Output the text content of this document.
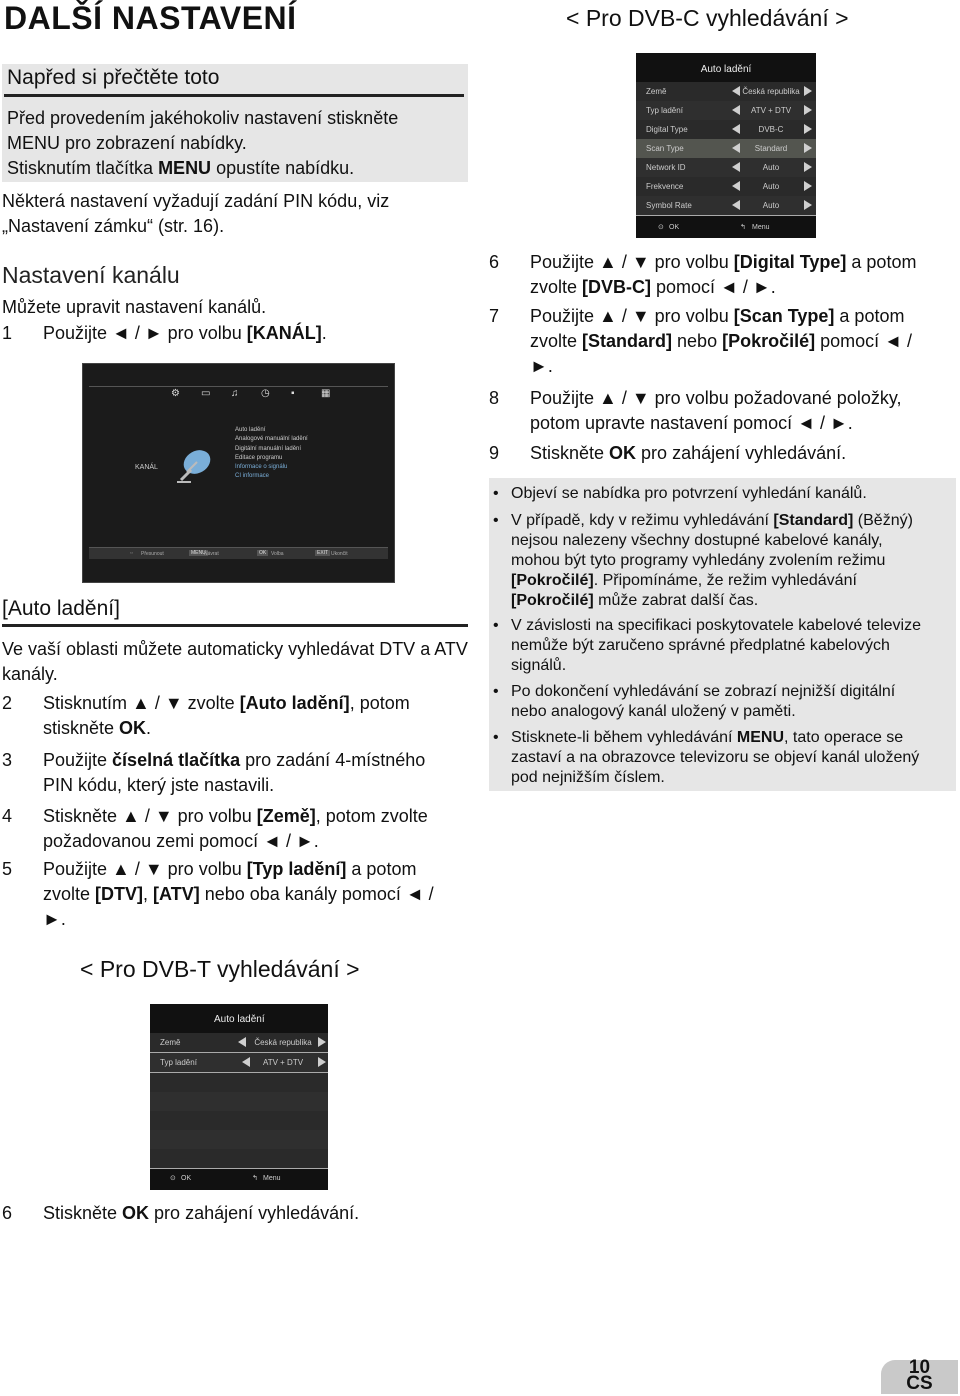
DALŠÍ NASTAVENÍ	< Pro DVB-C vyhledávání >
Napřed si přečtěte toto
Před provedením jakéhokoliv nastavení stiskněte
MENU pro zobrazení nabídky.
Stisknutím tlačítka MENU opustíte nabídku.
Některá nastavení vyžadují zadání PIN kódu, viz
„Nastavení zámku“ (str. 16).
Nastavení kanálu
Můžete upravit nastavení kanálů.
1 Použijte ◄ / ► pro volbu [KANÁL].
⚙ ▭ ♫ ◷ ▪	▦
KANÁL
Auto ladění
Analogové manuální ladění
Digitální manuální ladění
Editace programu
Informace o signálu
CI informace
⇔ Přesunout	MENU
Návrat	OK Volba	EXIT Ukončit
[Auto ladění]
Ve vaší oblasti můžete automaticky vyhledávat DTV a ATV kanály.
2 Stisknutím ▲ / ▼ zvolte [Auto ladění], potom
stiskněte OK.
3 Použijte číselná tlačítka pro zadání 4-místného
PIN kódu, který jste nastavili.
4 Stiskněte ▲ / ▼ pro volbu [Země], potom zvolte
požadovanou zemi pomocí ◄ / ►.
5 Použijte ▲ / ▼ pro volbu [Typ ladění] a potom
zvolte [DTV], [ATV] nebo oba kanály pomocí ◄ /
►.
< Pro DVB-T vyhledávání >
Auto ladění
Země	Česká republika
Typ ladění	ATV + DTV
⊙ OK	↰ Menu
6 Stiskněte OK pro zahájení vyhledávání.
Auto ladění
Země	Česká republika
Typ ladění	ATV + DTV
Digital Type	DVB-C
Scan Type	Standard
Network ID	Auto
Frekvence	Auto
Symbol Rate	Auto
⊙ OK	↰ Menu
6 Použijte ▲ / ▼ pro volbu [Digital Type] a potom
zvolte [DVB-C] pomocí ◄ / ►.
7 Použijte ▲ / ▼ pro volbu [Scan Type] a potom
zvolte [Standard] nebo [Pokročilé] pomocí ◄ /
►.
8 Použijte ▲ / ▼ pro volbu požadované položky,
potom upravte nastavení pomocí ◄ / ►.
9 Stiskněte OK pro zahájení vyhledávání.
• Objeví se nabídka pro potvrzení vyhledání kanálů.
• V případě, kdy v režimu vyhledávání [Standard] (Běžný)
nejsou nalezeny všechny dostupné kabelové kanály,
mohou být tyto programy vyhledány zvolením režimu
[Pokročilé]. Připomínáme, že režim vyhledávání
[Pokročilé] může zabrat další čas.
• V závislosti na specifikaci poskytovatele kabelové televize
nemůže být zaručeno správné předplatné kabelových
signálů.
• Po dokončení vyhledávání se zobrazí nejnižší digitální
nebo analogový kanál uložený v paměti.
• Stisknete-li během vyhledávání MENU, tato operace se
zastaví a na obrazovce televizoru se objeví kanál uložený
pod nejnižším číslem.
10
CS
